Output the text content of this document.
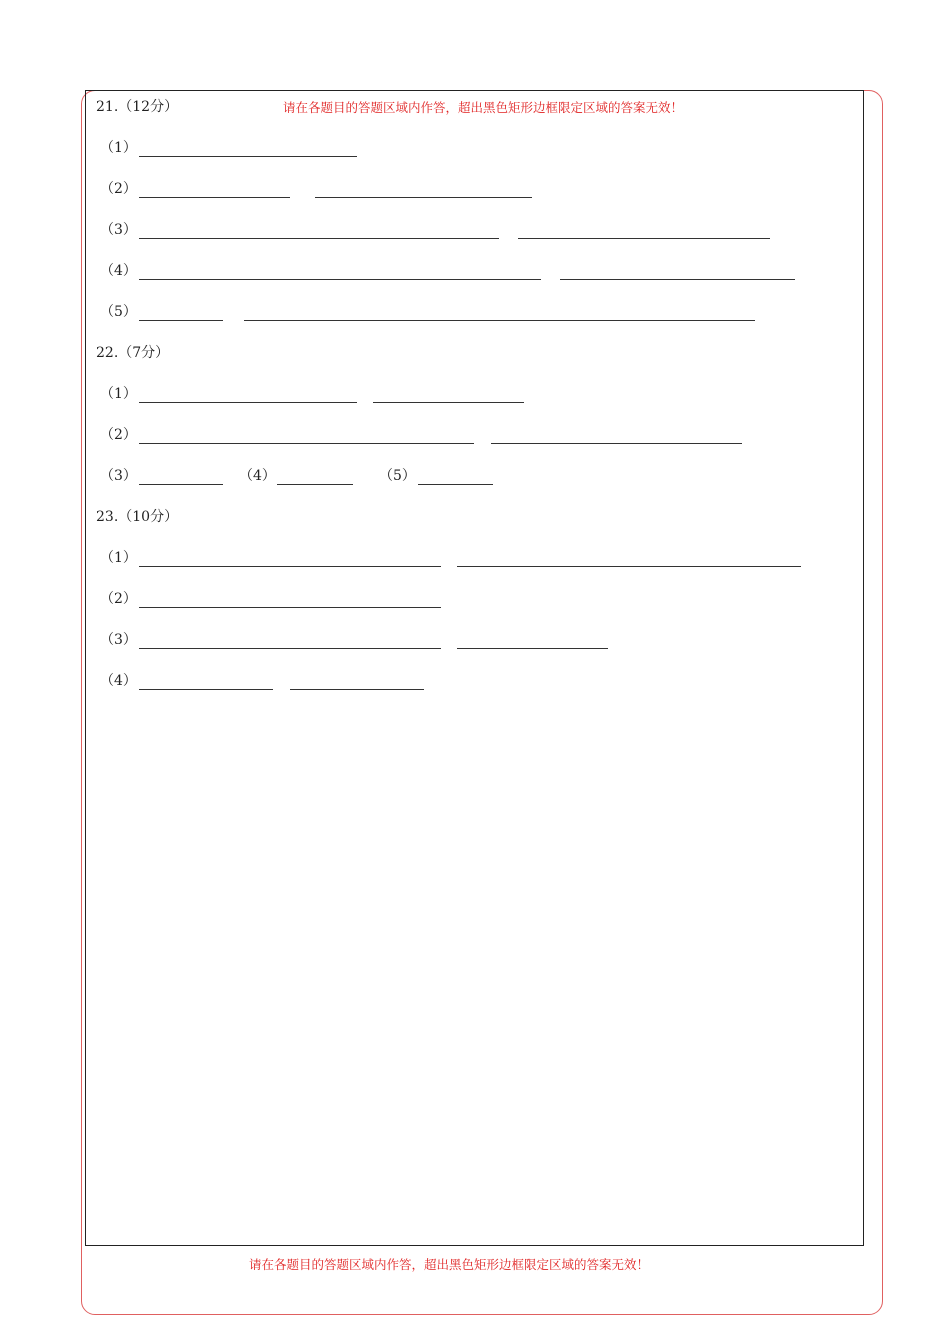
请在各题目的答题区域内作答，超出黑色矩形边框限定区域的答案无效！
请在各题目的答题区域内作答，超出黑色矩形边框限定区域的答案无效！
21.（12分）
（1）
（2）
（3）
（4）
（5）
22.（7分）
（1）
（2）
（3）	（4）	（5）
23.（10分）
（1）
（2）
（3）
（4）
